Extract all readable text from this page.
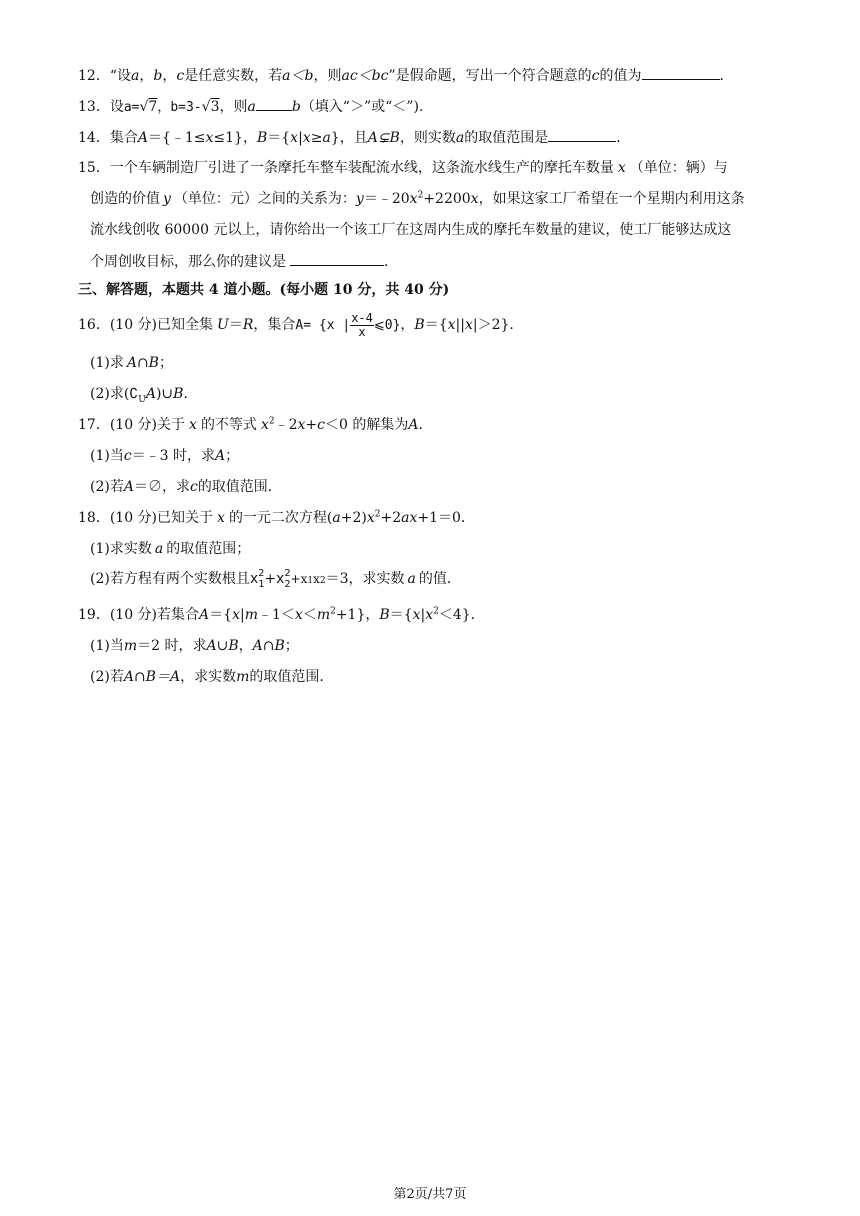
12．“设a，b，c是任意实数，若a＜b，则ac＜bc”是假命题，写出一个符合题意的c的值为	．
13．设a=√7，b=3-√3，则a	b（填入“＞”或“＜”).
14．集合A＝{﹣1≤x≤1}，B＝{x|x≥a}，且A⊊B，则实数a的取值范围是	．
15．一个车辆制造厂引进了一条摩托车整车装配流水线，这条流水线生产的摩托车数量 x （单位：辆）与
创造的价值 y （单位：元）之间的关系为：$y=﹣20x^2+2200x$，如果这家工厂希望在一个星期内利用这条
流水线创收 60000 元以上，请你给出一个该工厂在这周内生成的摩托车数量的建议，使工厂能够达成这
个周创收目标，那么你的建议是	．
三、解答题，本题共 4 道小题。(每小题 10 分，共 40 分)
16．(10 分)已知全集 U＝R，集合A= {x | $\frac{x-4}{x}$ ⩽0}，B＝{x||x|＞2}．
(1)求 A∩B；
(2)求$(∁_UA)\cup B$．
17．(10 分)关于 x 的不等式 $x^2﹣2x+c<0$ 的解集为A．
(1)当c＝﹣3 时，求A；
(2)若A＝∅，求c的取值范围．
18．(10 分)已知关于 x 的一元二次方程$(a+2)x^2+2ax+1=0$．
(1)求实数 a 的取值范围；
(2)若方程有两个实数根且x 2
1 +x 2
2 +x1x2＝3，求实数 a 的值．
19．(10 分)若集合$A=\{x|m﹣1<x<m^2+1\}$，$B=\{x|x^2<4\}$．
(1)当m＝2 时，求A∪B，A∩B；
(2)若A∩B＝A，求实数m的取值范围．
第2页/共7页
